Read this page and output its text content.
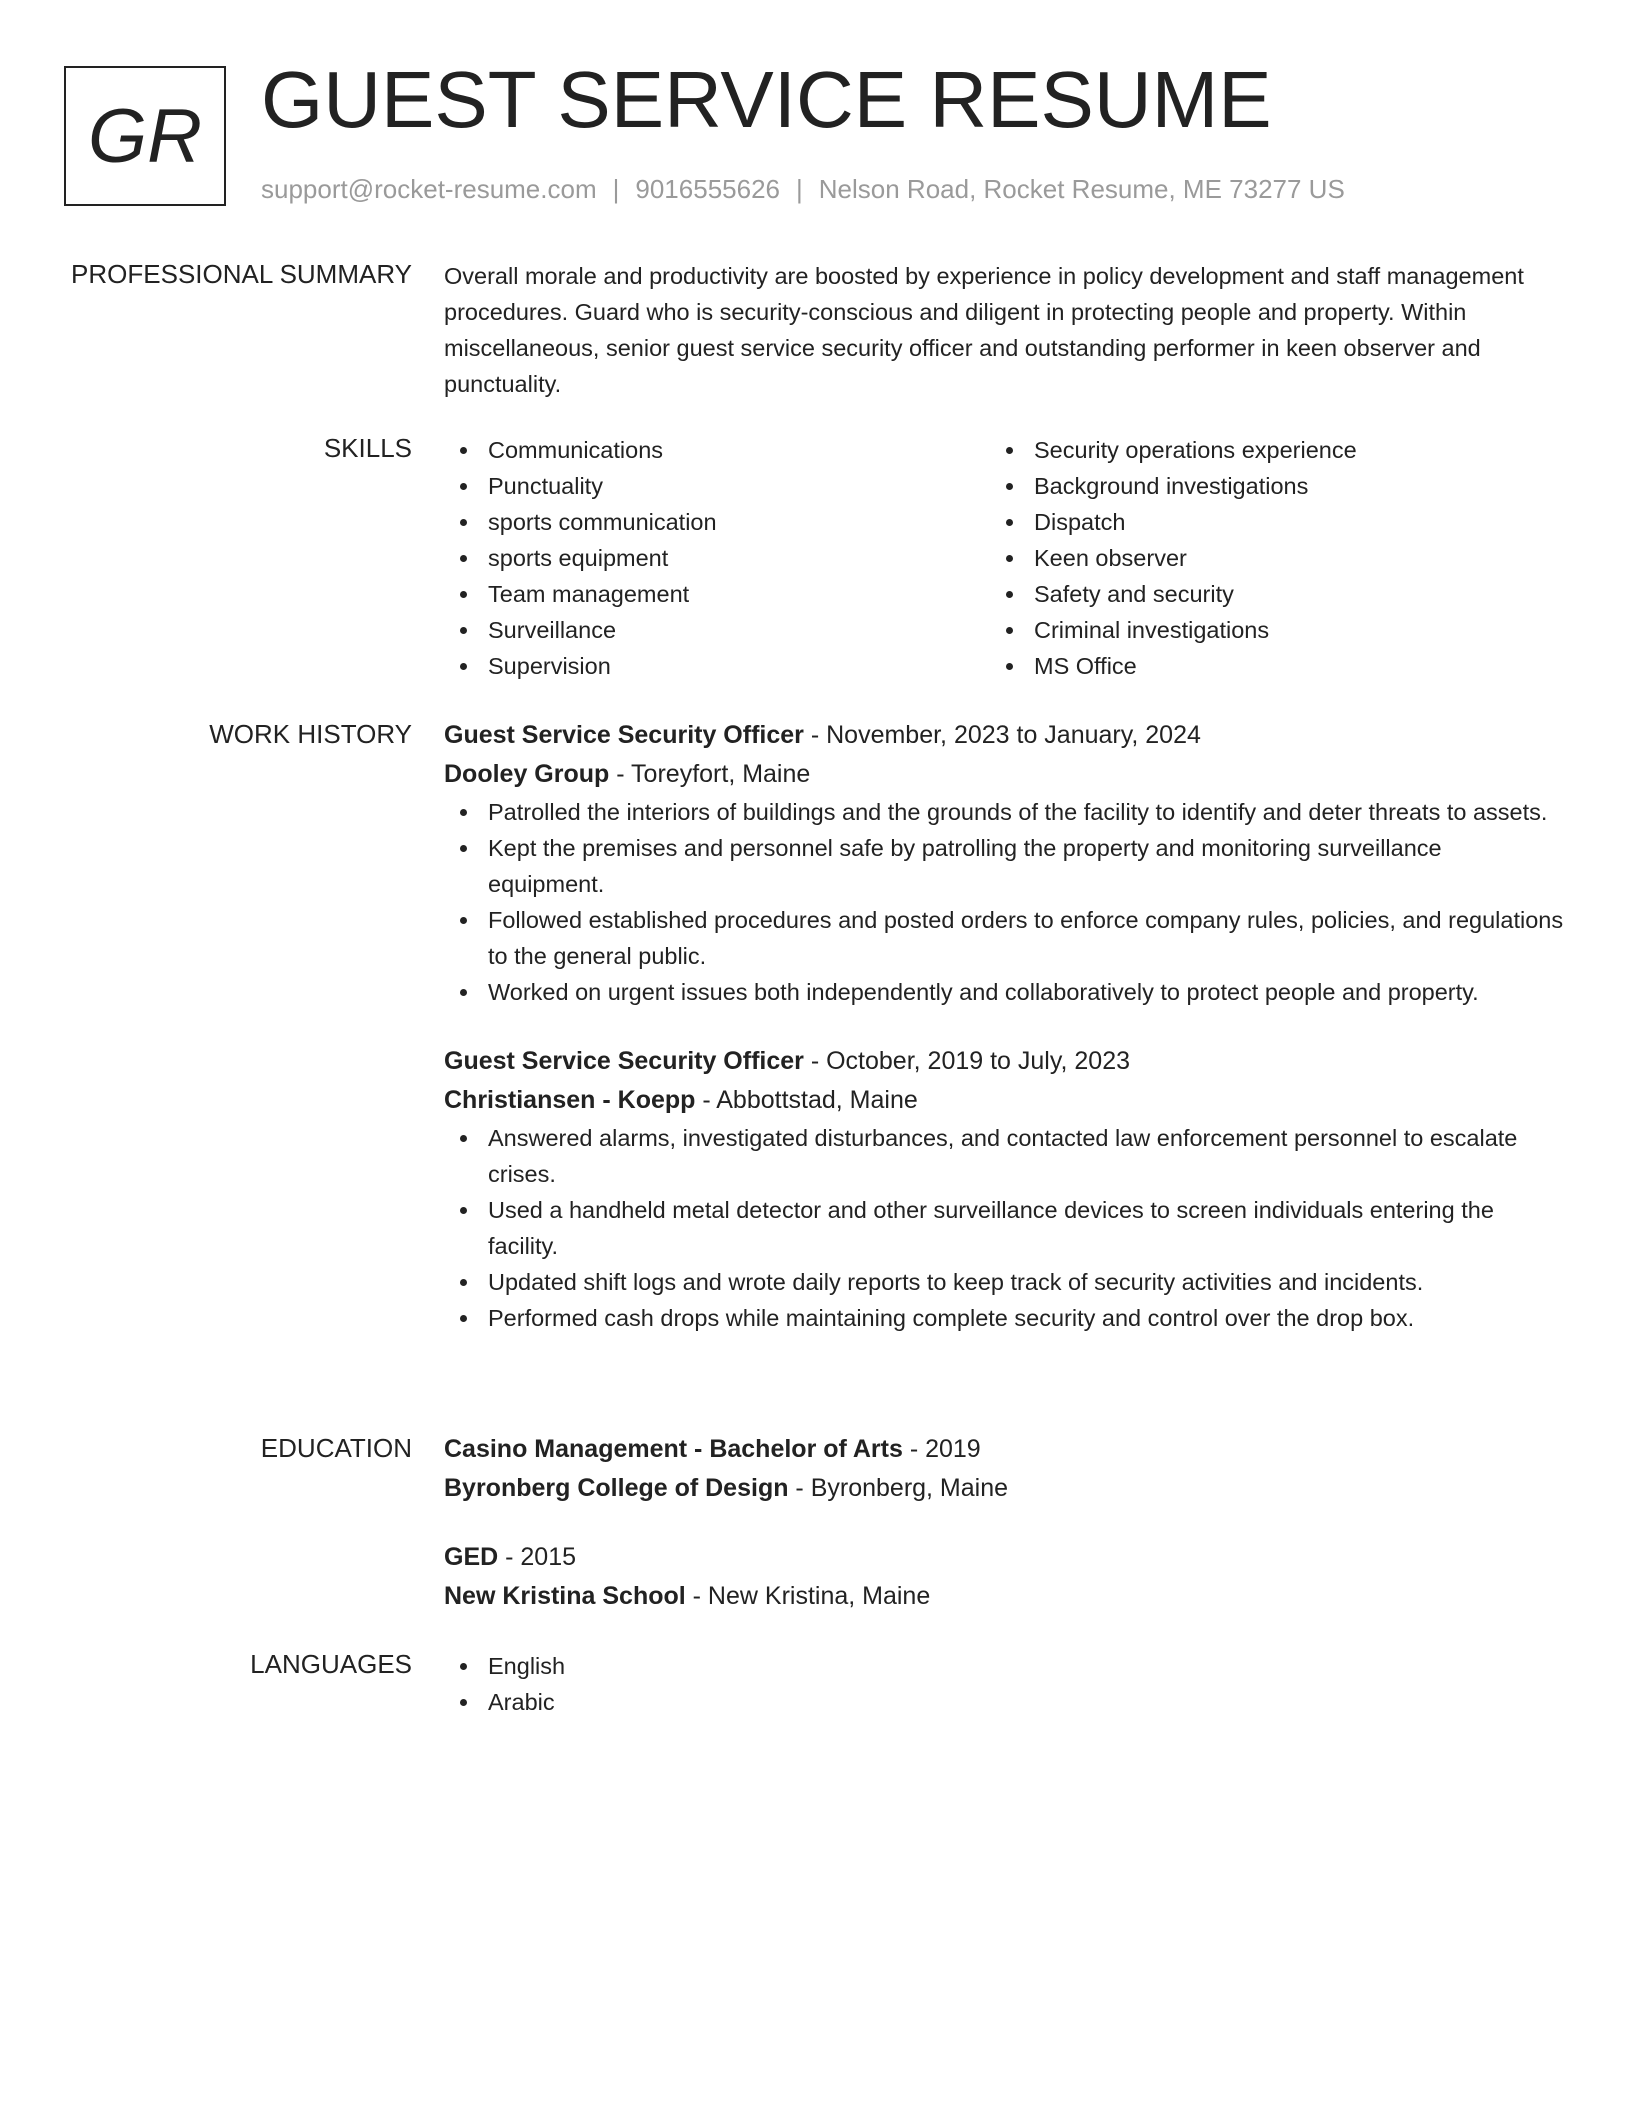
GR GUEST SERVICE RESUME
support@rocket-resume.com | 9016555626 | Nelson Road, Rocket Resume, ME 73277 US
PROFESSIONAL SUMMARY Overall morale and productivity are boosted by experience in policy development and staff management procedures. Guard who is security-conscious and diligent in protecting people and property. Within miscellaneous, senior guest service security officer and outstanding performer in keen observer and punctuality.

SKILLS	Communications
Punctuality
sports communication
sports equipment
Team management
Surveillance
Supervision
Security operations experience
Background investigations
Dispatch
Keen observer
Safety and security
Criminal investigations
MS Office
WORK HISTORY Guest Service Security Officer - November, 2023 to January, 2024
Dooley Group - Toreyfort, Maine
Patrolled the interiors of buildings and the grounds of the facility to identify and deter threats to assets.
Kept the premises and personnel safe by patrolling the property and monitoring surveillance equipment.
Followed established procedures and posted orders to enforce company rules, policies, and regulations to the general public.
Worked on urgent issues both independently and collaboratively to protect people and property.
Guest Service Security Officer - October, 2019 to July, 2023
Christiansen - Koepp - Abbottstad, Maine
Answered alarms, investigated disturbances, and contacted law enforcement personnel to escalate crises.
Used a handheld metal detector and other surveillance devices to screen individuals entering the facility.
Updated shift logs and wrote daily reports to keep track of security activities and incidents.
Performed cash drops while maintaining complete security and control over the drop box.
EDUCATION Casino Management - Bachelor of Arts - 2019
Byronberg College of Design - Byronberg, Maine
GED - 2015
New Kristina School - New Kristina, Maine
LANGUAGES	English
Arabic
